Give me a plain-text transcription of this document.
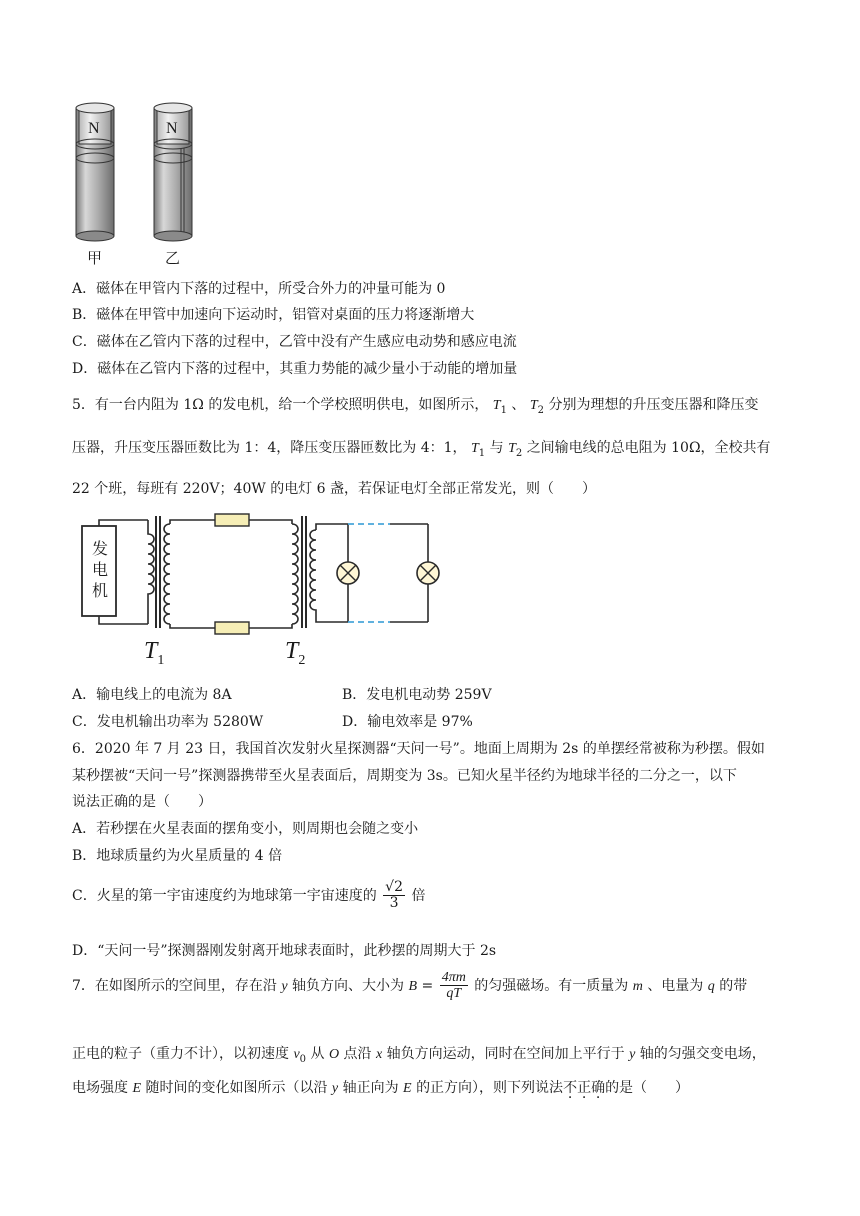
N	N
甲	乙
A．磁体在甲管内下落的过程中，所受合外力的冲量可能为 0
B．磁体在甲管中加速向下运动时，铝管对桌面的压力将逐渐增大
C．磁体在乙管内下落的过程中，乙管中没有产生感应电动势和感应电流
D．磁体在乙管内下落的过程中，其重力势能的减少量小于动能的增加量
5．有一台内阻为 1Ω 的发电机，给一个学校照明供电，如图所示， $T_1$ 、 $T_2$ 分别为理想的升压变压器和降压变
压器，升压变压器匝数比为 1：4，降压变压器匝数比为 4：1， $T_1$ 与 $T_2$ 之间输电线的总电阻为 10Ω，全校共有
22 个班，每班有 220V；40W 的电灯 6 盏，若保证电灯全部正常发光，则（　　）
发
电
机
$T_1$	$T_2$
A．输电线上的电流为 8A	B．发电机电动势 259V
C．发电机输出功率为 5280W	D．输电效率是 97%
6．2020 年 7 月 23 日，我国首次发射火星探测器“天问一号”。地面上周期为 2s 的单摆经常被称为秒摆。假如
某秒摆被“天问一号”探测器携带至火星表面后，周期变为 3s。已知火星半径约为地球半径的二分之一，以下
说法正确的是（　　）
A．若秒摆在火星表面的摆角变小，则周期也会随之变小
B．地球质量约为火星质量的 4 倍
C．火星的第一宇宙速度约为地球第一宇宙速度的 $\frac{√2}{3}$ 倍
D．“天问一号”探测器刚发射离开地球表面时，此秒摆的周期大于 2s
7．在如图所示的空间里，存在沿 y 轴负方向、大小为 $B = \frac{4\pi m}{qT}$ 的匀强磁场。有一质量为 m 、电量为 q 的带
正电的粒子（重力不计），以初速度 $v_0$ 从 O 点沿 x 轴负方向运动，同时在空间加上平行于 y 轴的匀强交变电场，
电场强度 E 随时间的变化如图所示（以沿 y 轴正向为 E 的正方向），则下列说法不正确的是（　　）
